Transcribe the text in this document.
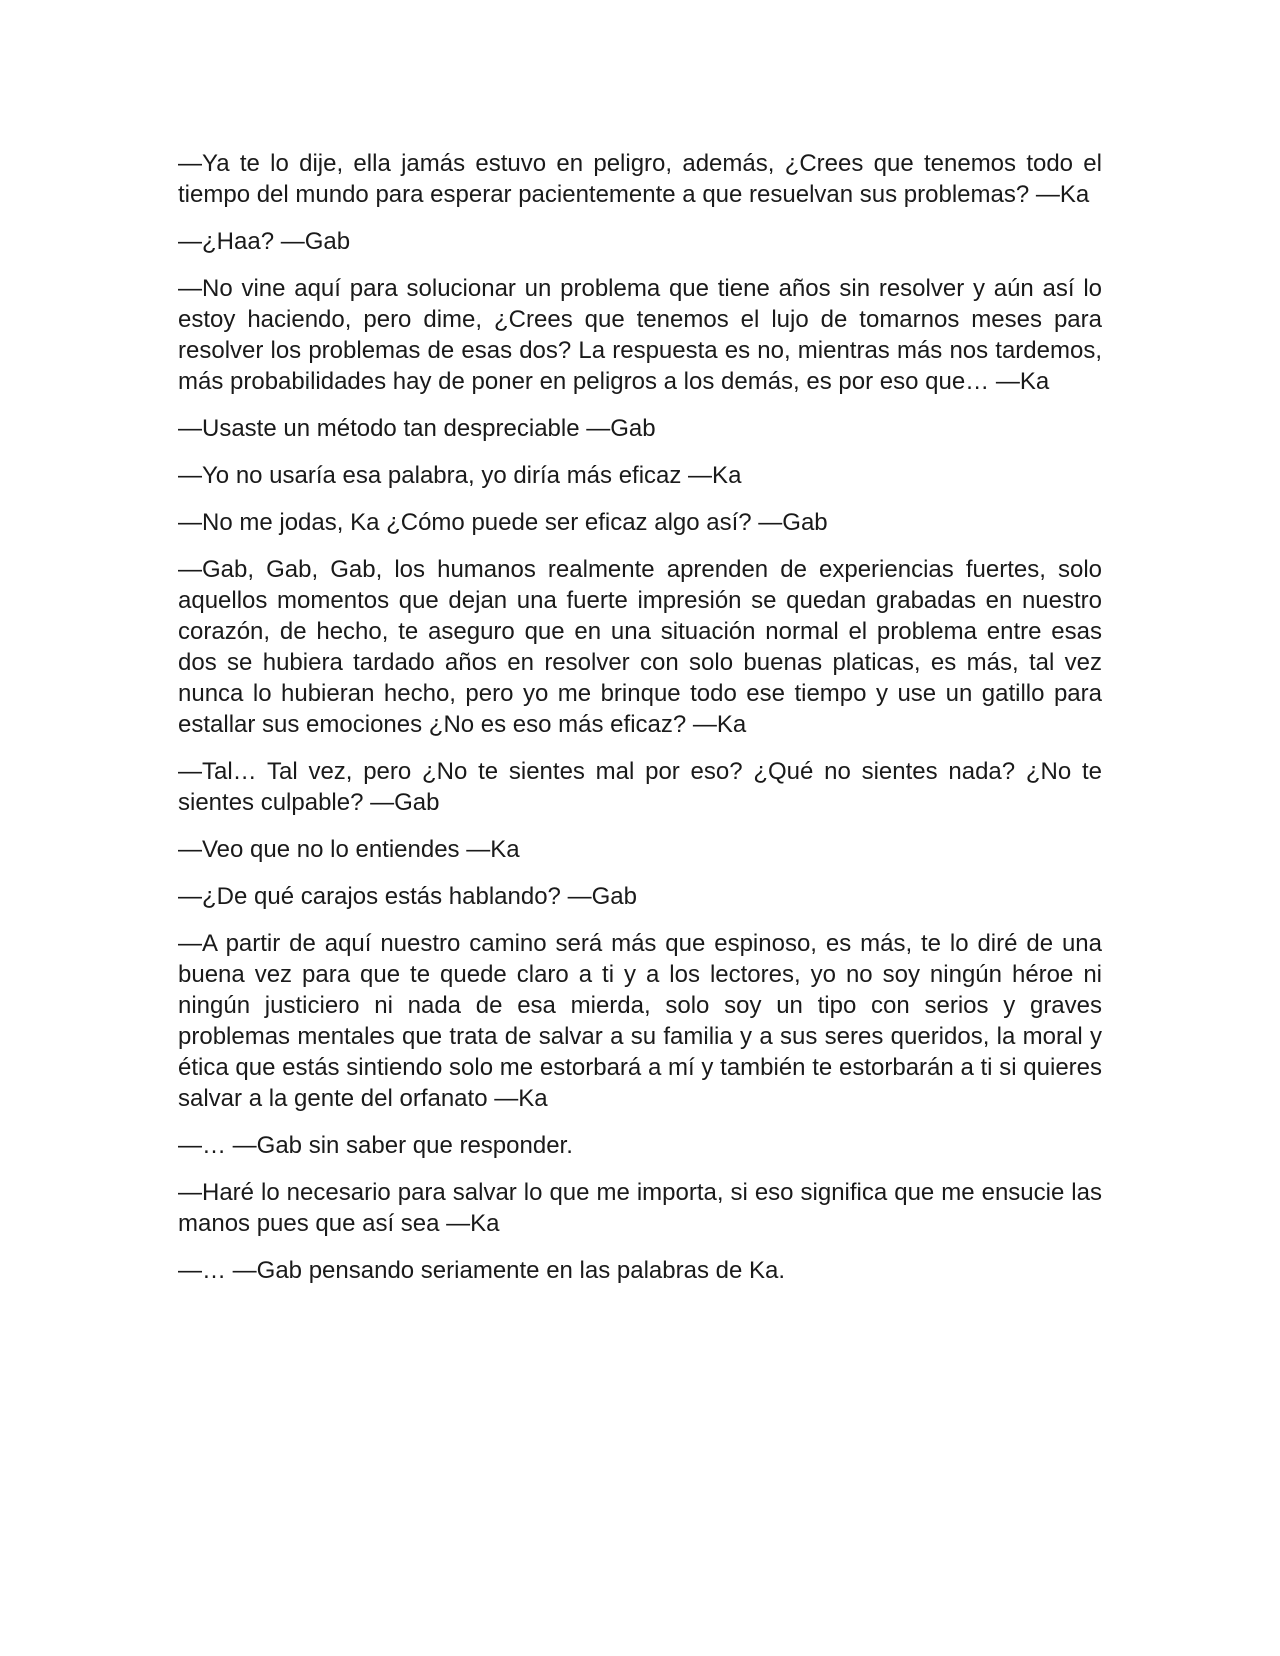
—Ya te lo dije, ella jamás estuvo en peligro, además, ¿Crees que tenemos todo el tiempo del mundo para esperar pacientemente a que resuelvan sus problemas? —Ka

—¿Haa? —Gab

—No vine aquí para solucionar un problema que tiene años sin resolver y aún así lo estoy haciendo, pero dime, ¿Crees que tenemos el lujo de tomarnos meses para resolver los problemas de esas dos? La respuesta es no, mientras más nos tardemos, más probabilidades hay de poner en peligros a los demás, es por eso que… —Ka

—Usaste un método tan despreciable —Gab

—Yo no usaría esa palabra, yo diría más eficaz —Ka

—No me jodas, Ka ¿Cómo puede ser eficaz algo así? —Gab

—Gab, Gab, Gab, los humanos realmente aprenden de experiencias fuertes, solo aquellos momentos que dejan una fuerte impresión se quedan grabadas en nuestro corazón, de hecho, te aseguro que en una situación normal el problema entre esas dos se hubiera tardado años en resolver con solo buenas platicas, es más, tal vez nunca lo hubieran hecho, pero yo me brinque todo ese tiempo y use un gatillo para estallar sus emociones ¿No es eso más eficaz? —Ka

—Tal… Tal vez, pero ¿No te sientes mal por eso? ¿Qué no sientes nada? ¿No te sientes culpable? —Gab

—Veo que no lo entiendes —Ka

—¿De qué carajos estás hablando? —Gab

—A partir de aquí nuestro camino será más que espinoso, es más, te lo diré de una buena vez para que te quede claro a ti y a los lectores, yo no soy ningún héroe ni ningún justiciero ni nada de esa mierda, solo soy un tipo con serios y graves problemas mentales que trata de salvar a su familia y a sus seres queridos, la moral y ética que estás sintiendo solo me estorbará a mí y también te estorbarán a ti si quieres salvar a la gente del orfanato —Ka

—… —Gab sin saber que responder.

—Haré lo necesario para salvar lo que me importa, si eso significa que me ensucie las manos pues que así sea —Ka

—… —Gab pensando seriamente en las palabras de Ka.
